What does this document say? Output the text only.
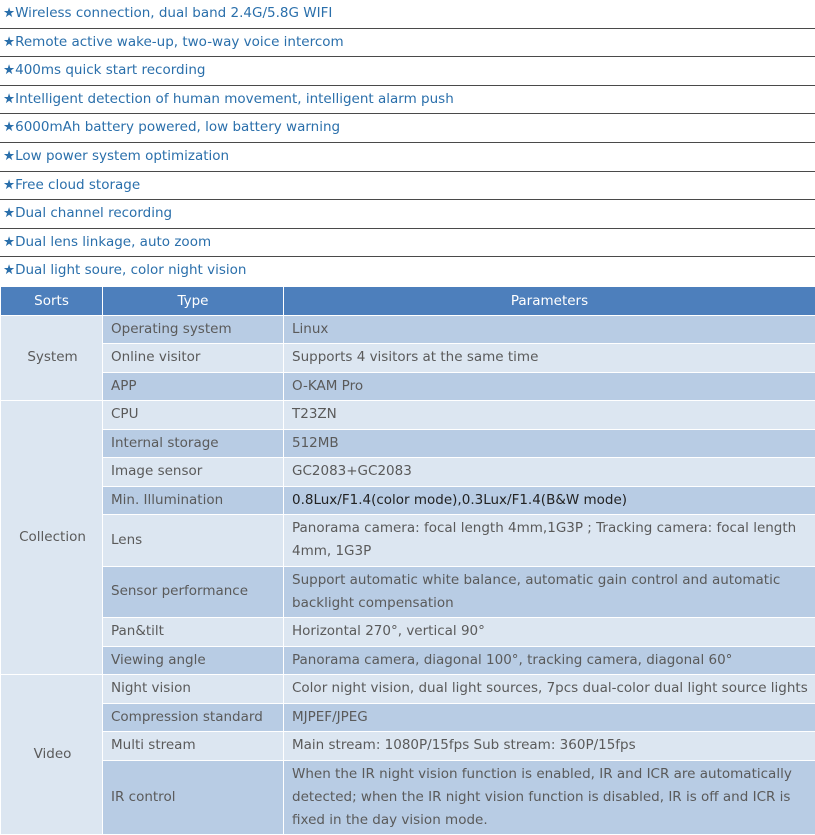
★Wireless connection, dual band 2.4G/5.8G WIFI
★Remote active wake-up, two-way voice intercom
★400ms quick start recording
★Intelligent detection of human movement, intelligent alarm push
★6000mAh battery powered, low battery warning
★Low power system optimization
★Free cloud storage
★Dual channel recording
★Dual lens linkage, auto zoom
★Dual light soure, color night vision
Sorts	Type	Parameters
System	Operating system	Linux
	Online visitor	Supports 4 visitors at the same time
	APP	O-KAM Pro
Collection	CPU	T23ZN
	Internal storage	512MB
	Image sensor	GC2083+GC2083
	Min. Illumination	0.8Lux/F1.4(color mode),0.3Lux/F1.4(B&W mode)
	Lens	Panorama camera: focal length 4mm,1G3P ; Tracking camera: focal length 4mm, 1G3P
	Sensor performance	Support automatic white balance, automatic gain control and automatic backlight compensation
	Pan&tilt	Horizontal 270°, vertical 90°
	Viewing angle	Panorama camera, diagonal 100°, tracking camera, diagonal 60°
Video	Night vision	Color night vision, dual light sources, 7pcs dual-color dual light source lights
	Compression standard	MJPEF/JPEG
	Multi stream	Main stream: 1080P/15fps Sub stream: 360P/15fps
	IR control	When the IR night vision function is enabled, IR and ICR are automatically detected; when the IR night vision function is disabled, IR is off and ICR is fixed in the day vision mode.
